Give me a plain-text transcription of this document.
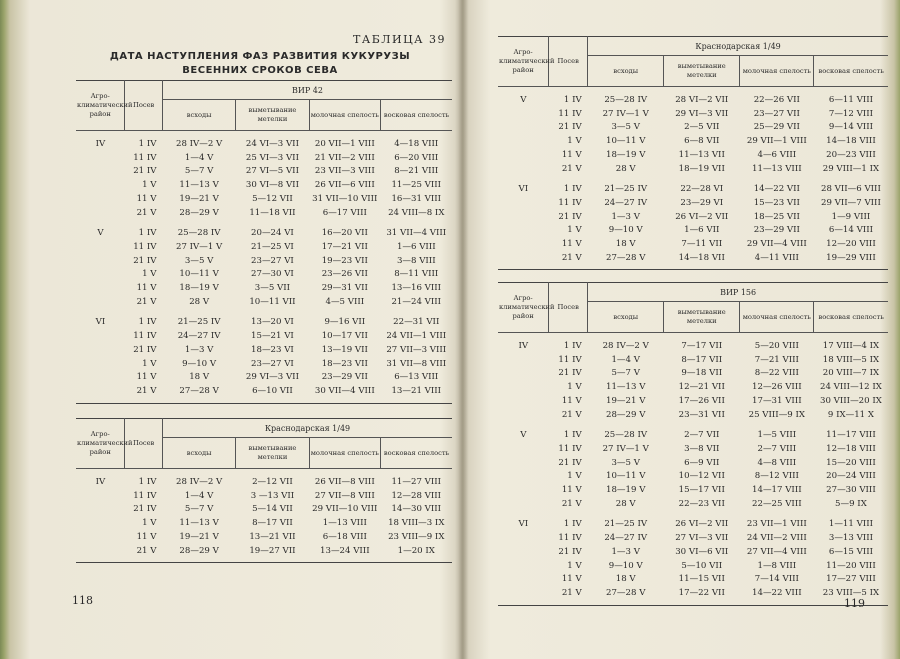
ТАБЛИЦА 39
ДАТА НАСТУПЛЕНИЯ ФАЗ РАЗВИТИЯ КУКУРУЗЫ
ВЕСЕННИХ СРОКОВ СЕВА
Агро-климатический район	Посев	ВИР 42			
		всходы	выметывание метелки	молочная спелость	восковая спелость
IV	1 IV	28 IV—2 V	24 VI—3 VII	20 VII—1 VIII	4—18 VIII
	11 IV	1—4 V	25 VI—3 VII	21 VII—2 VIII	6—20 VIII
	21 IV	5—7 V	27 VI—5 VII	23 VII—3 VIII	8—21 VIII
	1 V	11—13 V	30 VI—8 VII	26 VII—6 VIII	11—25 VIII
	11 V	19—21 V	5—12 VII	31 VII—10 VIII	16—31 VIII
	21 V	28—29 V	11—18 VII	6—17 VIII	24 VIII—8 IX
V	1 IV	25—28 IV	20—24 VI	16—20 VII	31 VII—4 VIII
	11 IV	27 IV—1 V	21—25 VI	17—21 VII	1—6 VIII
	21 IV	3—5 V	23—27 VI	19—23 VII	3—8 VIII
	1 V	10—11 V	27—30 VI	23—26 VII	8—11 VIII
	11 V	18—19 V	3—5 VII	29—31 VII	13—16 VIII
	21 V	28 V	10—11 VII	4—5 VIII	21—24 VIII
VI	1 IV	21—25 IV	13—20 VI	9—16 VII	22—31 VII
	11 IV	24—27 IV	15—21 VI	10—17 VII	24 VII—1 VIII
	21 IV	1—3 V	18—23 VI	13—19 VII	27 VII—3 VIII
	1 V	9—10 V	23—27 VI	18—23 VII	31 VII—8 VIII
	11 V	18 V	29 VI—3 VII	23—29 VII	6—13 VIII
	21 V	27—28 V	6—10 VII	30 VII—4 VIII	13—21 VIII

Агро-климатический район	Посев	Краснодарская 1/49			
		всходы	выметывание метелки	молочная спелость	восковая спелость
IV	1 IV	28 IV—2 V	2—12 VII	26 VII—8 VIII	11—27 VIII
	11 IV	1—4 V	3 —13 VII	27 VII—8 VIII	12—28 VIII
	21 IV	5—7 V	5—14 VII	29 VII—10 VIII	14—30 VIII
	1 V	11—13 V	8—17 VII	1—13 VIII	18 VIII—3 IX
	11 V	19—21 V	13—21 VII	6—18 VIII	23 VIII—9 IX
	21 V	28—29 V	19—27 VII	13—24 VIII	1—20 IX

118
Агро-климатический район	Посев	Краснодарская 1/49			
		всходы	выметывание метелки	молочная спелость	восковая спелость
V	1 IV	25—28 IV	28 VI—2 VII	22—26 VII	6—11 VIII
	11 IV	27 IV—1 V	29 VI—3 VII	23—27 VII	7—12 VIII
	21 IV	3—5 V	2—5 VII	25—29 VII	9—14 VIII
	1 V	10—11 V	6—8 VII	29 VII—1 VIII	14—18 VIII
	11 V	18—19 V	11—13 VII	4—6 VIII	20—23 VIII
	21 V	28 V	18—19 VII	11—13 VIII	29 VIII—1 IX
VI	1 IV	21—25 IV	22—28 VI	14—22 VII	28 VII—6 VIII
	11 IV	24—27 IV	23—29 VI	15—23 VII	29 VII—7 VIII
	21 IV	1—3 V	26 VI—2 VII	18—25 VII	1—9 VIII
	1 V	9—10 V	1—6 VII	23—29 VII	6—14 VIII
	11 V	18 V	7—11 VII	29 VII—4 VIII	12—20 VIII
	21 V	27—28 V	14—18 VII	4—11 VIII	19—29 VIII

Агро-климатический район	Посев	ВИР 156			
		всходы	выметывание метелки	молочная спелость	восковая спелость
IV	1 IV	28 IV—2 V	7—17 VII	5—20 VIII	17 VIII—4 IX
	11 IV	1—4 V	8—17 VII	7—21 VIII	18 VIII—5 IX
	21 IV	5—7 V	9—18 VII	8—22 VIII	20 VIII—7 IX
	1 V	11—13 V	12—21 VII	12—26 VIII	24 VIII—12 IX
	11 V	19—21 V	17—26 VII	17—31 VIII	30 VIII—20 IX
	21 V	28—29 V	23—31 VII	25 VIII—9 IX	9 IX—11 X
V	1 IV	25—28 IV	2—7 VII	1—5 VIII	11—17 VIII
	11 IV	27 IV—1 V	3—8 VII	2—7 VIII	12—18 VIII
	21 IV	3—5 V	6—9 VII	4—8 VIII	15—20 VIII
	1 V	10—11 V	10—12 VII	8—12 VIII	20—24 VIII
	11 V	18—19 V	15—17 VII	14—17 VIII	27—30 VIII
	21 V	28 V	22—23 VII	22—25 VIII	5—9 IX
VI	1 IV	21—25 IV	26 VI—2 VII	23 VII—1 VIII	1—11 VIII
	11 IV	24—27 IV	27 VI—3 VII	24 VII—2 VIII	3—13 VIII
	21 IV	1—3 V	30 VI—6 VII	27 VII—4 VIII	6—15 VIII
	1 V	9—10 V	5—10 VII	1—8 VIII	11—20 VIII
	11 V	18 V	11—15 VII	7—14 VIII	17—27 VIII
	21 V	27—28 V	17—22 VII	14—22 VIII	23 VIII—5 IX

119
